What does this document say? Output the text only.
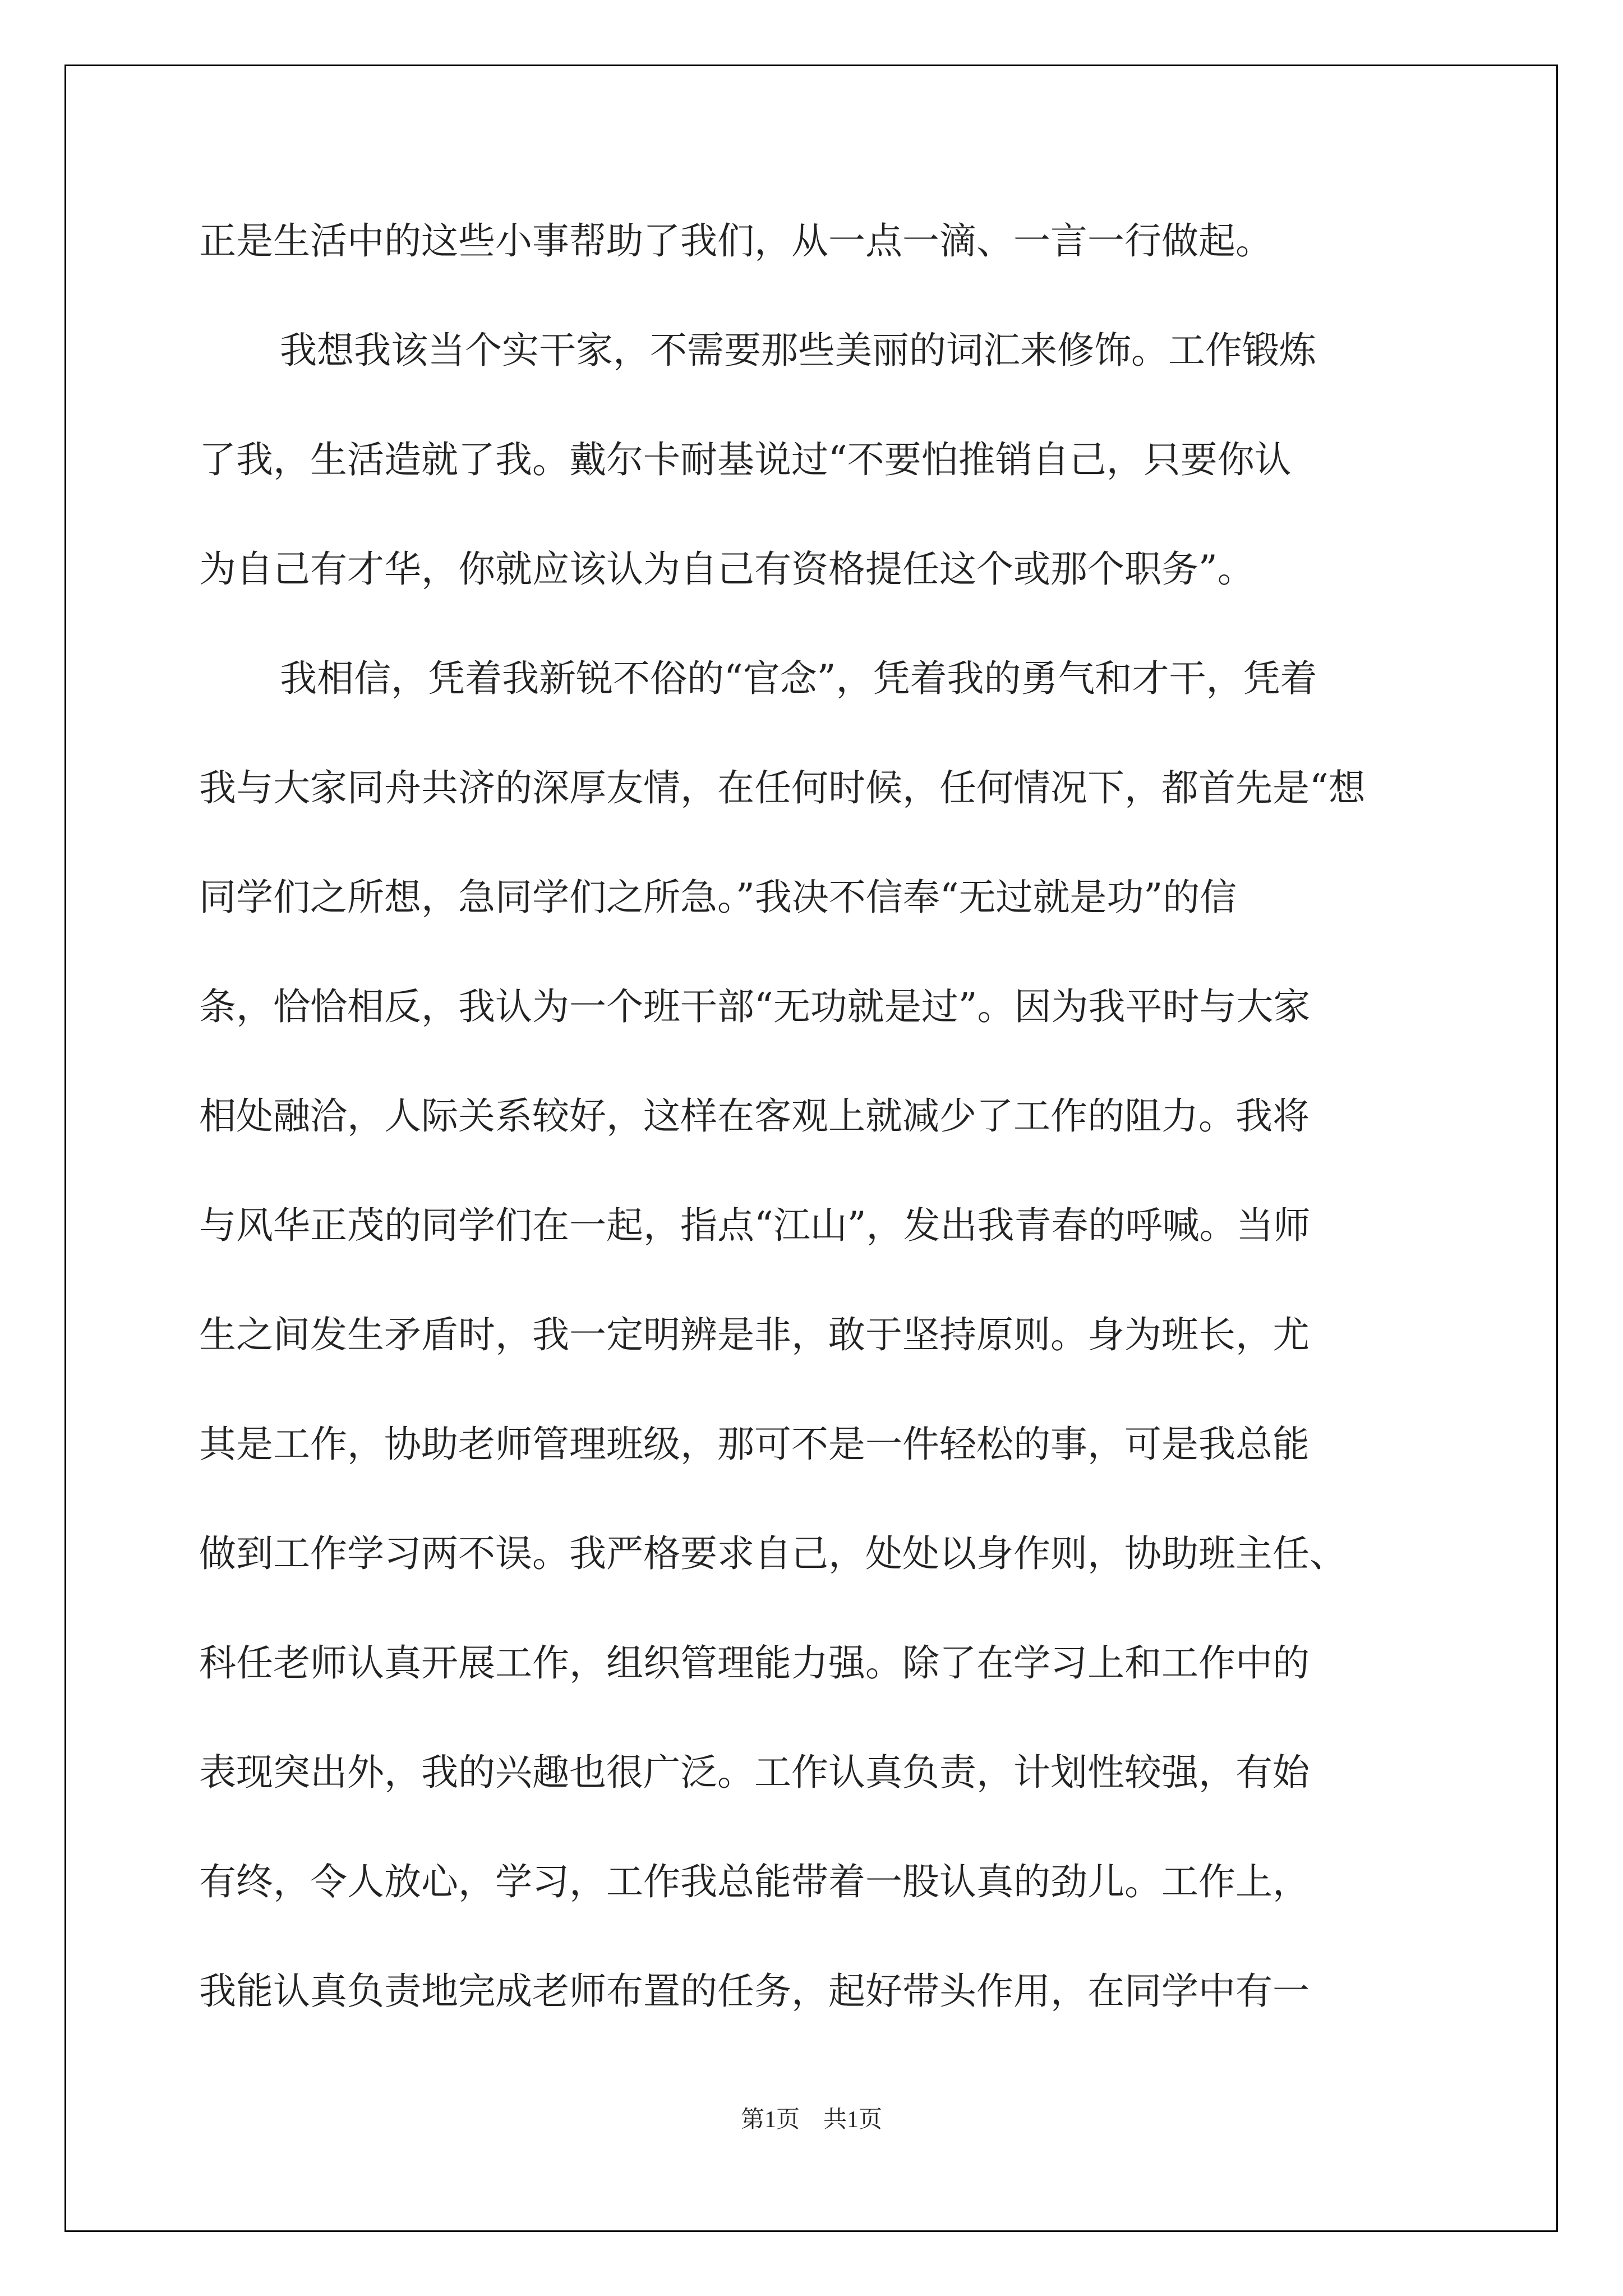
正是生活中的这些小事帮助了我们，从一点一滴、一言一行做起。
我想我该当个实干家，不需要那些美丽的词汇来修饰。工作锻炼
了我，生活造就了我。戴尔卡耐基说过“不要怕推销自己，只要你认
为自己有才华，你就应该认为自己有资格提任这个或那个职务”。
我相信，凭着我新锐不俗的“官念”，凭着我的勇气和才干，凭着
我与大家同舟共济的深厚友情，在任何时候，任何情况下，都首先是“想
同学们之所想，急同学们之所急。”我决不信奉“无过就是功”的信
条，恰恰相反，我认为一个班干部“无功就是过”。因为我平时与大家
相处融洽，人际关系较好，这样在客观上就减少了工作的阻力。我将
与风华正茂的同学们在一起，指点“江山”，发出我青春的呼喊。当师
生之间发生矛盾时，我一定明辨是非，敢于坚持原则。身为班长，尤
其是工作，协助老师管理班级，那可不是一件轻松的事，可是我总能
做到工作学习两不误。我严格要求自己，处处以身作则，协助班主任、
科任老师认真开展工作，组织管理能力强。除了在学习上和工作中的
表现突出外，我的兴趣也很广泛。工作认真负责，计划性较强，有始
有终，令人放心，学习，工作我总能带着一股认真的劲儿。工作上，
我能认真负责地完成老师布置的任务，起好带头作用，在同学中有一
第1页　共1页
